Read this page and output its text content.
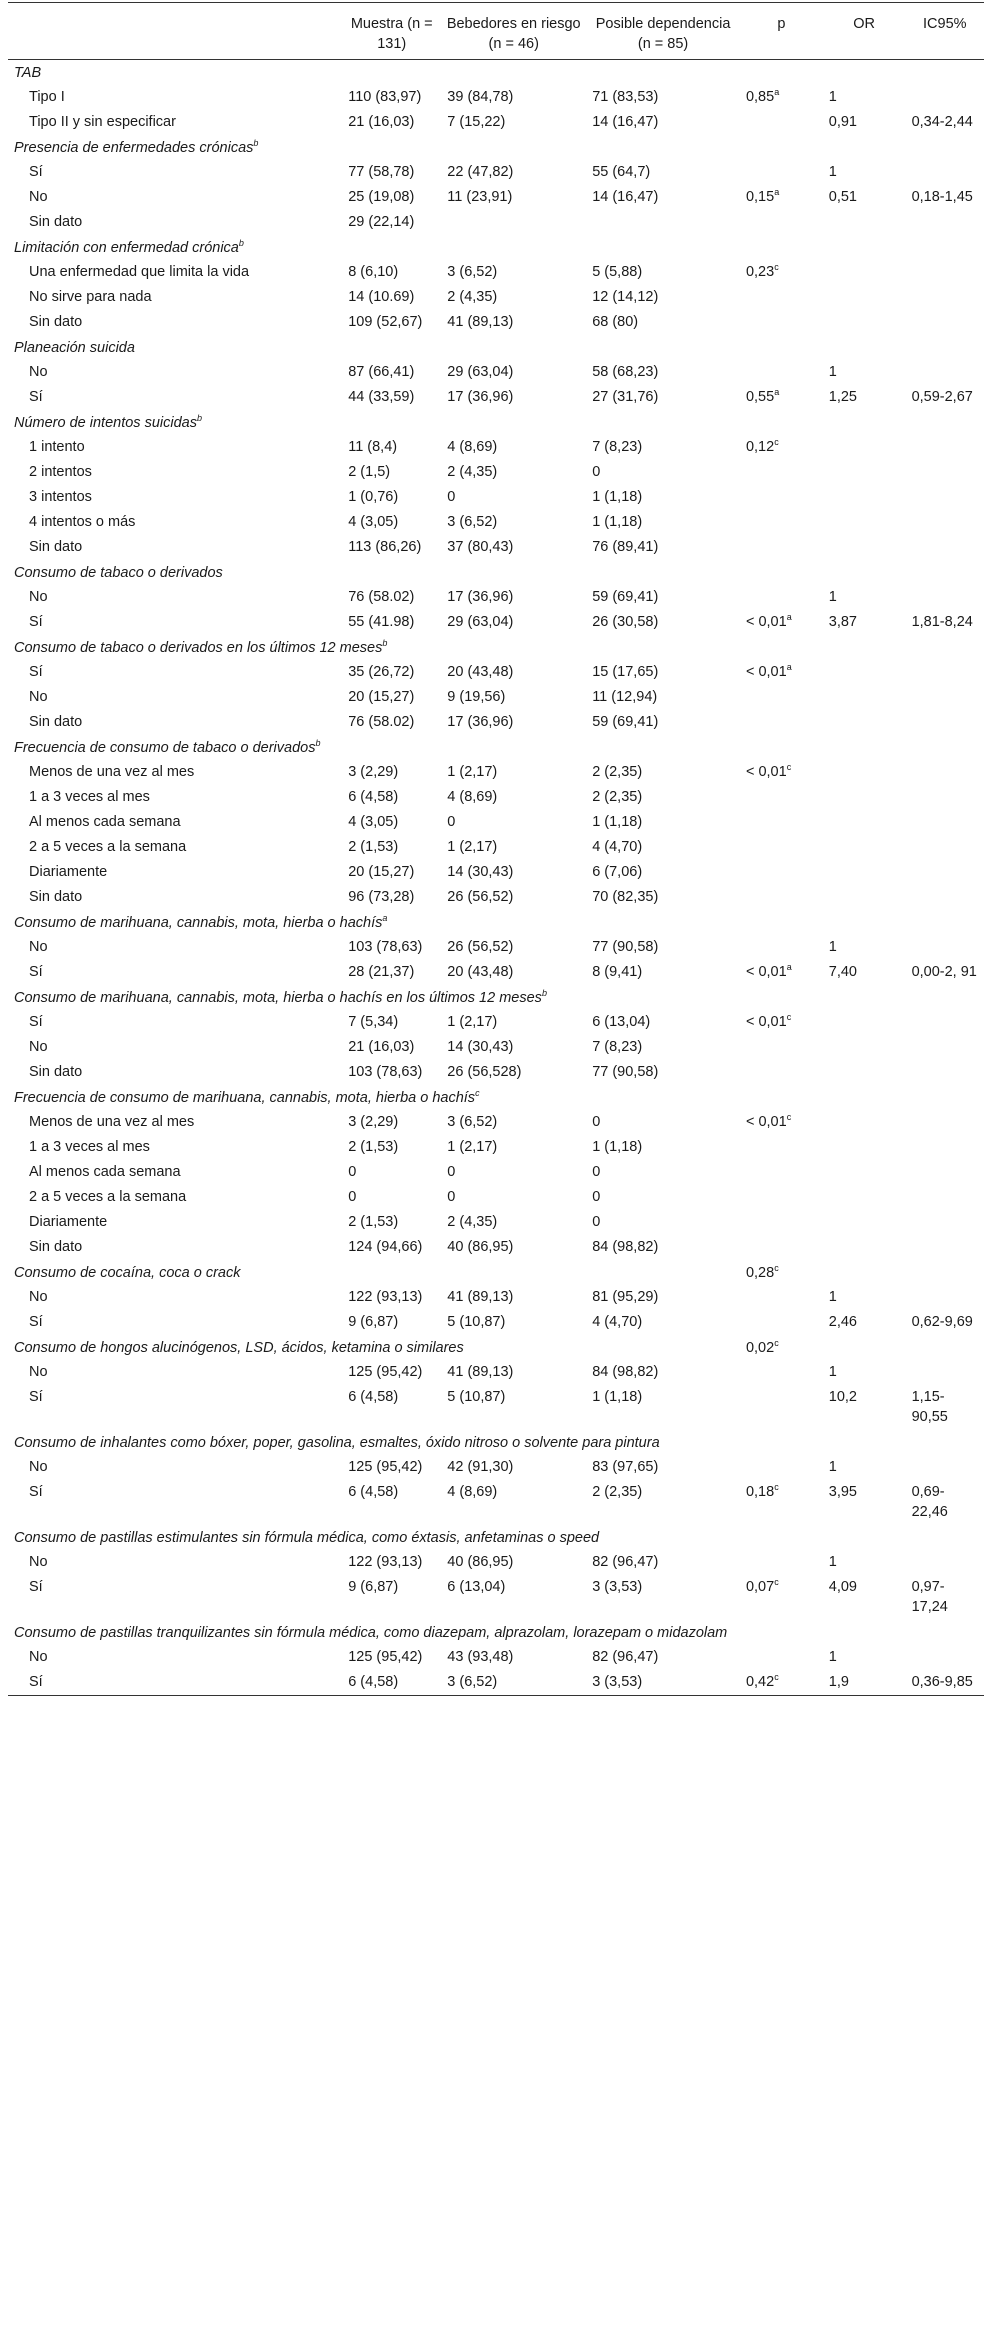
	Muestra (n = 131)	Bebedores en riesgo (n = 46)	Posible dependencia (n = 85)	p	OR	IC95%
TAB						
Tipo I	110 (83,97)	39 (84,78)	71 (83,53)	0,85$^a$	1	
Tipo II y sin especificar	21 (16,03)	7 (15,22)	14 (16,47)		0,91	0,34-2,44
Presencia de enfermedades crónicas$^b$
Sí	77 (58,78)	22 (47,82)	55 (64,7)		1	
No	25 (19,08)	11 (23,91)	14 (16,47)	0,15$^a$	0,51	0,18-1,45
Sin dato	29 (22,14)					
Limitación con enfermedad crónica$^b$
Una enfermedad que limita la vida	8 (6,10)	3 (6,52)	5 (5,88)	0,23$^c$		
No sirve para nada	14 (10.69)	2 (4,35)	12 (14,12)			
Sin dato	109 (52,67)	41 (89,13)	68 (80)			
Planeación suicida						
No	87 (66,41)	29 (63,04)	58 (68,23)		1	
Sí	44 (33,59)	17 (36,96)	27 (31,76)	0,55$^a$	1,25	0,59-2,67
Número de intentos suicidas$^b$
1 intento	11 (8,4)	4 (8,69)	7 (8,23)	0,12$^c$		
2 intentos	2 (1,5)	2 (4,35)	0			
3 intentos	1 (0,76)	0	1 (1,18)			
4 intentos o más	4 (3,05)	3 (6,52)	1 (1,18)			
Sin dato	113 (86,26)	37 (80,43)	76 (89,41)			
Consumo de tabaco o derivados						
No	76 (58.02)	17 (36,96)	59 (69,41)		1	
Sí	55 (41.98)	29 (63,04)	26 (30,58)	< 0,01$^a$	3,87	1,81-8,24
Consumo de tabaco o derivados en los últimos 12 meses$^b$
Sí	35 (26,72)	20 (43,48)	15 (17,65)	< 0,01$^a$		
No	20 (15,27)	9 (19,56)	11 (12,94)			
Sin dato	76 (58.02)	17 (36,96)	59 (69,41)			
Frecuencia de consumo de tabaco o derivados$^b$
Menos de una vez al mes	3 (2,29)	1 (2,17)	2 (2,35)	< 0,01$^c$		
1 a 3 veces al mes	6 (4,58)	4 (8,69)	2 (2,35)			
Al menos cada semana	4 (3,05)	0	1 (1,18)			
2 a 5 veces a la semana	2 (1,53)	1 (2,17)	4 (4,70)			
Diariamente	20 (15,27)	14 (30,43)	6 (7,06)			
Sin dato	96 (73,28)	26 (56,52)	70 (82,35)			
Consumo de marihuana, cannabis, mota, hierba o hachís$^a$
No	103 (78,63)	26 (56,52)	77 (90,58)		1	
Sí	28 (21,37)	20 (43,48)	8 (9,41)	< 0,01$^a$	7,40	0,00-2, 91
Consumo de marihuana, cannabis, mota, hierba o hachís en los últimos 12 meses$^b$
Sí	7 (5,34)	1 (2,17)	6 (13,04)	< 0,01$^c$		
No	21 (16,03)	14 (30,43)	7 (8,23)			
Sin dato	103 (78,63)	26 (56,528)	77 (90,58)			
Frecuencia de consumo de marihuana, cannabis, mota, hierba o hachís$^c$
Menos de una vez al mes	3 (2,29)	3 (6,52)	0	< 0,01$^c$		
1 a 3 veces al mes	2 (1,53)	1 (2,17)	1 (1,18)			
Al menos cada semana	0	0	0			
2 a 5 veces a la semana	0	0	0			
Diariamente	2 (1,53)	2 (4,35)	0			
Sin dato	124 (94,66)	40 (86,95)	84 (98,82)			
Consumo de cocaína, coca o crack				0,28$^c$		
No	122 (93,13)	41 (89,13)	81 (95,29)		1	
Sí	9 (6,87)	5 (10,87)	4 (4,70)		2,46	0,62-9,69
Consumo de hongos alucinógenos, LSD, ácidos, ketamina o similares				0,02$^c$		
No	125 (95,42)	41 (89,13)	84 (98,82)		1	
Sí	6 (4,58)	5 (10,87)	1 (1,18)		10,2	1,15-90,55
Consumo de inhalantes como bóxer, poper, gasolina, esmaltes, óxido nitroso o solvente para pintura						
No	125 (95,42)	42 (91,30)	83 (97,65)		1	
Sí	6 (4,58)	4 (8,69)	2 (2,35)	0,18$^c$	3,95	0,69-22,46
Consumo de pastillas estimulantes sin fórmula médica, como éxtasis, anfetaminas o speed						
No	122 (93,13)	40 (86,95)	82 (96,47)		1	
Sí	9 (6,87)	6 (13,04)	3 (3,53)	0,07$^c$	4,09	0,97-17,24
Consumo de pastillas tranquilizantes sin fórmula médica, como diazepam, alprazolam, lorazepam o midazolam						
No	125 (95,42)	43 (93,48)	82 (96,47)		1	
Sí	6 (4,58)	3 (6,52)	3 (3,53)	0,42$^c$	1,9	0,36-9,85
